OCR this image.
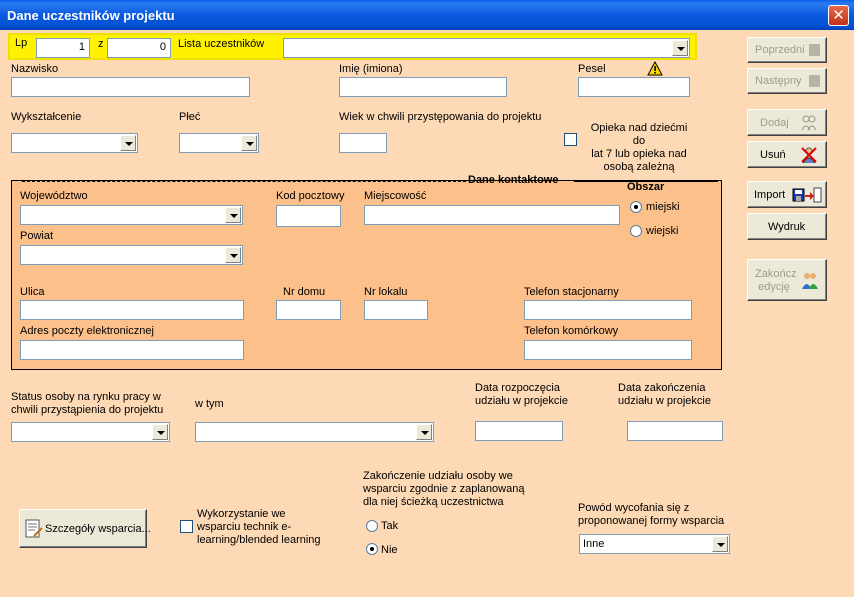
Dane uczestników projektu	✕
Lp	1	z	0	Lista uczestników
Nazwisko	Imię (imiona)	Pesel
Wykształcenie	Płeć	Wiek w chwili przystępowania do projektu
Opieka nad dziećmi do
lat 7 lub opieka nad
osobą zależną
Dane kontaktowe
Województwo	Kod pocztowy Miejscowość
Obszar
miejski
wiejski
Powiat
Ulica	Nr domu	Nr lokalu	Telefon stacjonarny
Adres poczty elektronicznej	Telefon komórkowy
Status osoby na rynku pracy w
chwili przystąpienia do projektu	w tym
Data rozpoczęcia
udziału w projekcie
Data zakończenia
udziału w projekcie
Szczegóły wsparcia...
Wykorzystanie we
wsparciu technik e-
learning/blended learning
Zakończenie udziału osoby we
wsparciu zgodnie z zaplanowaną
dla niej ścieżką uczestnictwa
Tak
Nie
Powód wycofania się z
proponowanej formy wsparcia
Inne
Poprzedni
Następny
Dodaj
Usuń
Import
Wydruk
Zakończ
edycję
